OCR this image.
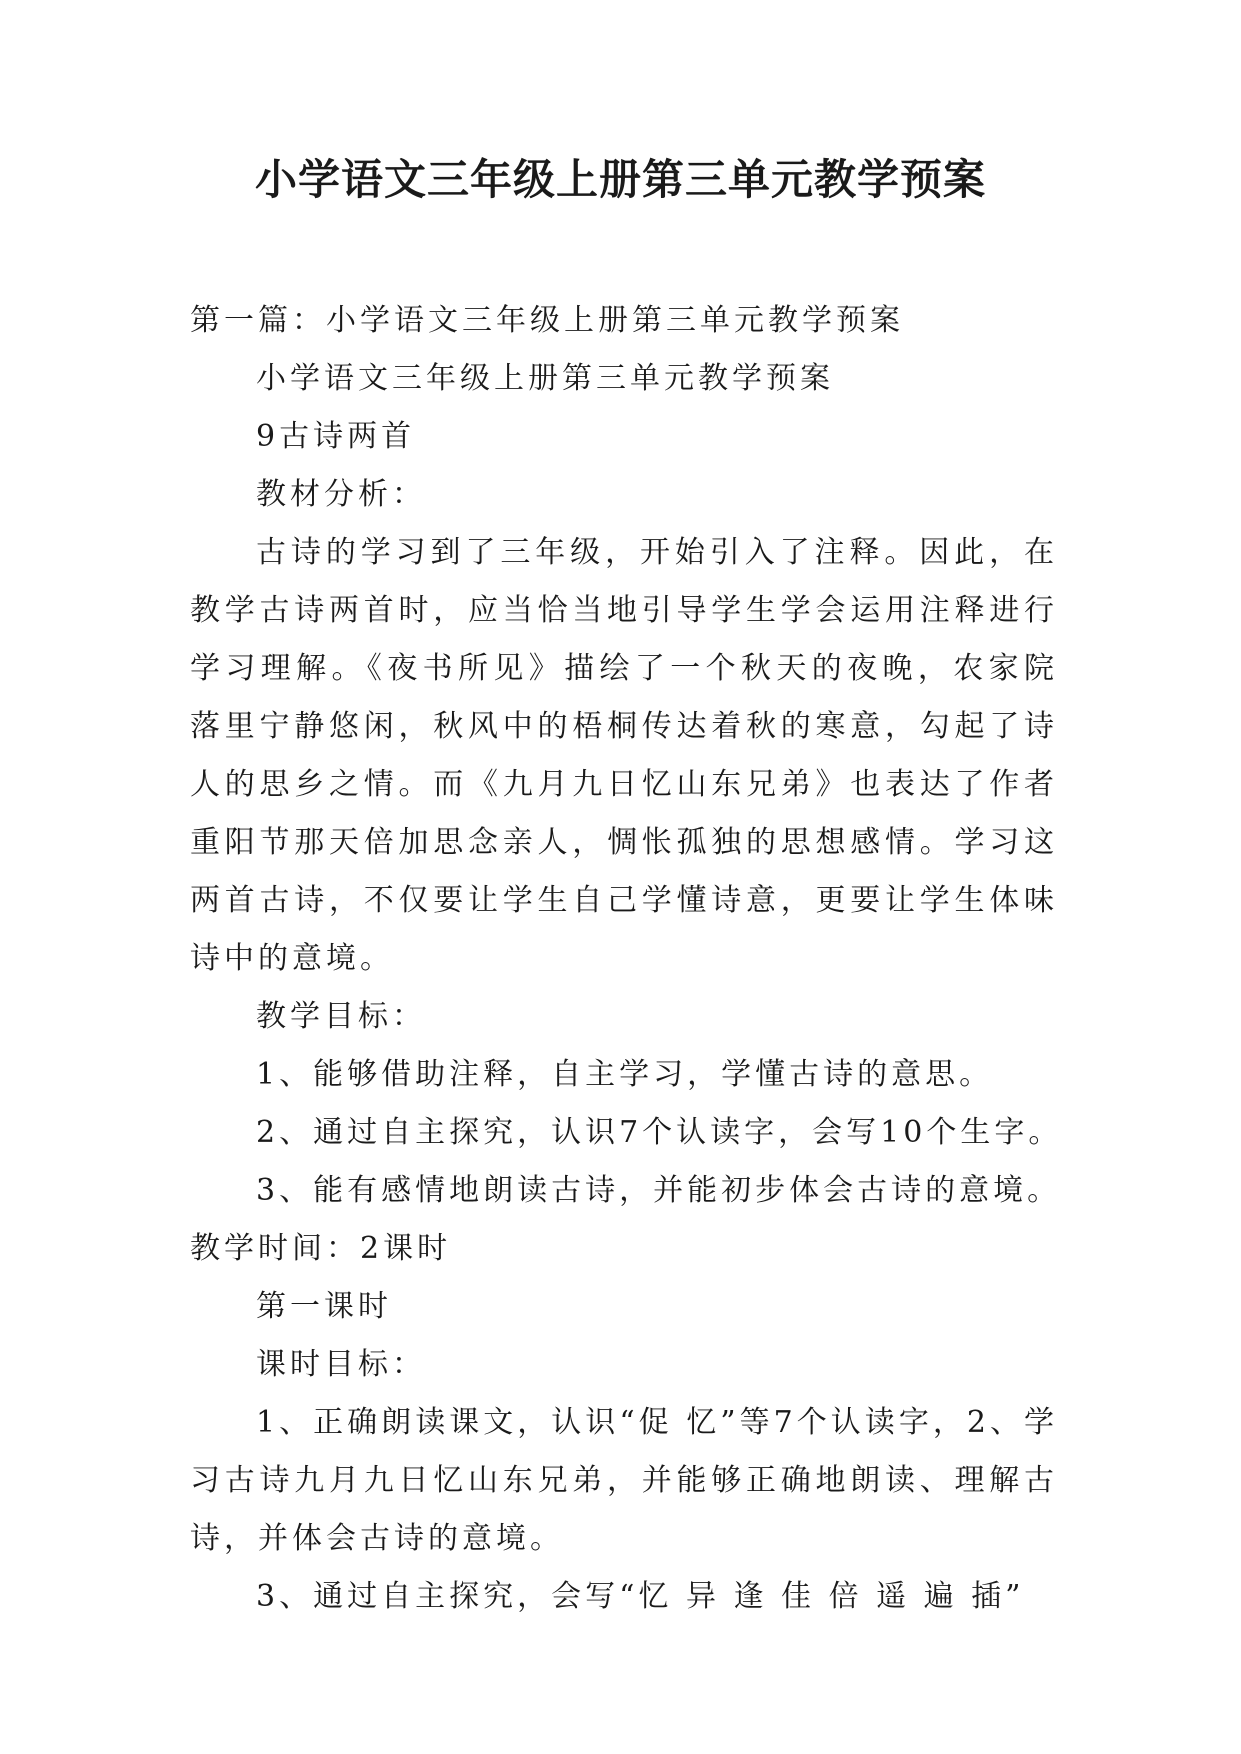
小学语文三年级上册第三单元教学预案

第一篇：小学语文三年级上册第三单元教学预案

小学语文三年级上册第三单元教学预案

9古诗两首

教材分析：

古诗的学习到了三年级，开始引入了注释。因此，在教学古诗两首时，应当恰当地引导学生学会运用注释进行学习理解。《夜书所见》描绘了一个秋天的夜晚，农家院落里宁静悠闲，秋风中的梧桐传达着秋的寒意，勾起了诗人的思乡之情。而《九月九日忆山东兄弟》也表达了作者重阳节那天倍加思念亲人，惆怅孤独的思想感情。学习这两首古诗，不仅要让学生自己学懂诗意，更要让学生体味诗中的意境。

教学目标：

1、能够借助注释，自主学习，学懂古诗的意思。

2、通过自主探究，认识7个认读字，会写10个生字。

3、能有感情地朗读古诗，并能初步体会古诗的意境。

教学时间：2课时

第一课时

课时目标：

1、正确朗读课文，认识“促 忆”等7个认读字，2、学习古诗九月九日忆山东兄弟，并能够正确地朗读、理解古诗，并体会古诗的意境。

3、通过自主探究，会写“忆 异 逢 佳 倍 遥 遍 插”
